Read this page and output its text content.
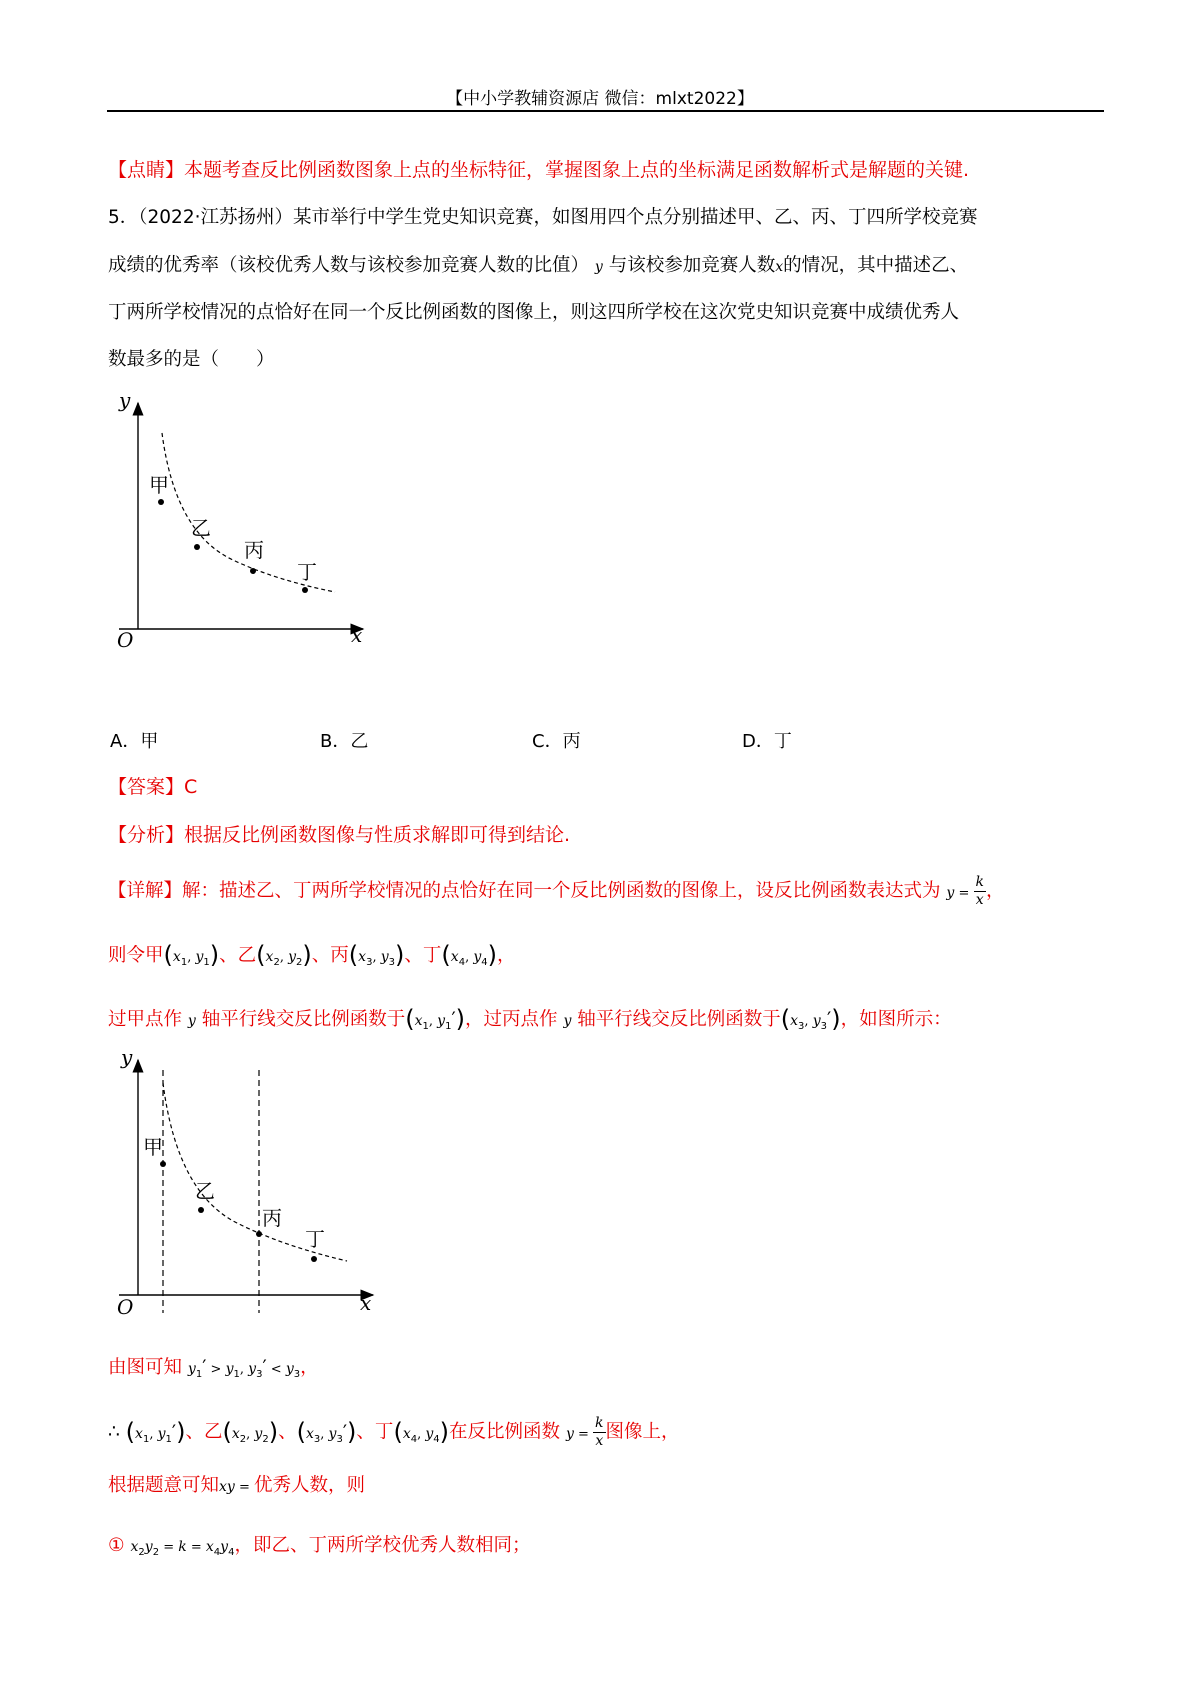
【中小学教辅资源店 微信：mlxt2022】
【点睛】本题考查反比例函数图象上点的坐标特征，掌握图象上点的坐标满足函数解析式是解题的关键.
5．（2022·江苏扬州）某市举行中学生党史知识竞赛，如图用四个点分别描述甲、乙、丙、丁四所学校竞赛
成绩的优秀率（该校优秀人数与该校参加竞赛人数的比值） y 与该校参加竞赛人数x的情况，其中描述乙、
丁两所学校情况的点恰好在同一个反比例函数的图像上，则这四所学校在这次党史知识竞赛中成绩优秀人
数最多的是（　　）
y
x
O
甲
乙
丙
丁
A．甲	B．乙	C．丙	D．丁
【答案】C
【分析】根据反比例函数图像与性质求解即可得到结论.
【详解】解：描述乙、丁两所学校情况的点恰好在同一个反比例函数的图像上，设反比例函数表达式为 $y = \frac{k}{x}$ ，
则令甲($x_1$, $y_1$)、乙($x_2$, $y_2$)、丙($x_3$, $y_3$)、丁($x_4$, $y_4$)，
过甲点作 y 轴平行线交反比例函数于($x_1$, $y_1'$)，过丙点作 y 轴平行线交反比例函数于($x_3$, $y_3'$)，如图所示：
y
x
O
甲
乙
丙
丁
由图可知 $y_1' > y_1$, $y_3' < y_3$，
∴ ($x_1$, $y_1'$)、乙($x_2$, $y_2$)、($x_3$, $y_3'$)、丁($x_4$, $y_4$)在反比例函数 $y = \frac{k}{x}$ 图像上，
根据题意可知xy = 优秀人数，则
① $x_2y_2 = k = x_4y_4$，即乙、丁两所学校优秀人数相同；
